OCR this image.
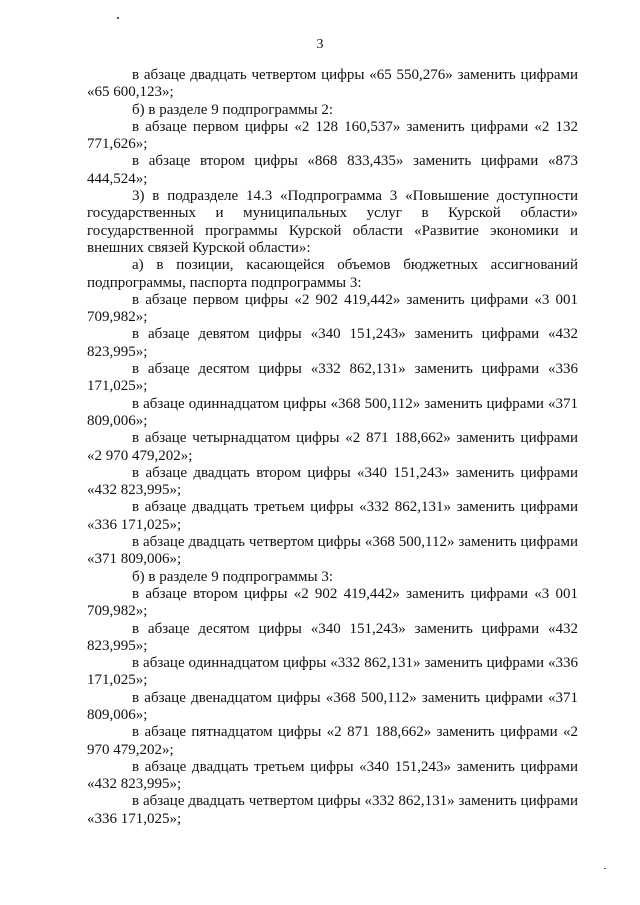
3

в абзаце двадцать четвертом цифры «65 550,276» заменить цифрами «65 600,123»;

б) в разделе 9 подпрограммы 2:

в абзаце первом цифры «2 128 160,537» заменить цифрами «2 132 771,626»;

в абзаце втором цифры «868 833,435» заменить цифрами «873 444,524»;

3) в подразделе 14.3 «Подпрограмма 3 «Повышение доступности государственных и муниципальных услуг в Курской области» государственной программы Курской области «Развитие экономики и внешних связей Курской области»:

а) в позиции, касающейся объемов бюджетных ассигнований подпрограммы, паспорта подпрограммы 3:

в абзаце первом цифры «2 902 419,442» заменить цифрами «3 001 709,982»;

в абзаце девятом цифры «340 151,243» заменить цифрами «432 823,995»;

в абзаце десятом цифры «332 862,131» заменить цифрами «336 171,025»;

в абзаце одиннадцатом цифры «368 500,112» заменить цифрами «371 809,006»;

в абзаце четырнадцатом цифры «2 871 188,662» заменить цифрами «2 970 479,202»;

в абзаце двадцать втором цифры «340 151,243» заменить цифрами «432 823,995»;

в абзаце двадцать третьем цифры «332 862,131» заменить цифрами «336 171,025»;

в абзаце двадцать четвертом цифры «368 500,112» заменить цифрами «371 809,006»;

б) в разделе 9 подпрограммы 3:

в абзаце втором цифры «2 902 419,442» заменить цифрами «3 001 709,982»;

в абзаце десятом цифры «340 151,243» заменить цифрами «432 823,995»;

в абзаце одиннадцатом цифры «332 862,131» заменить цифрами «336 171,025»;

в абзаце двенадцатом цифры «368 500,112» заменить цифрами «371 809,006»;

в абзаце пятнадцатом цифры «2 871 188,662» заменить цифрами «2 970 479,202»;

в абзаце двадцать третьем цифры «340 151,243» заменить цифрами «432 823,995»;

в абзаце двадцать четвертом цифры «332 862,131» заменить цифрами «336 171,025»;
